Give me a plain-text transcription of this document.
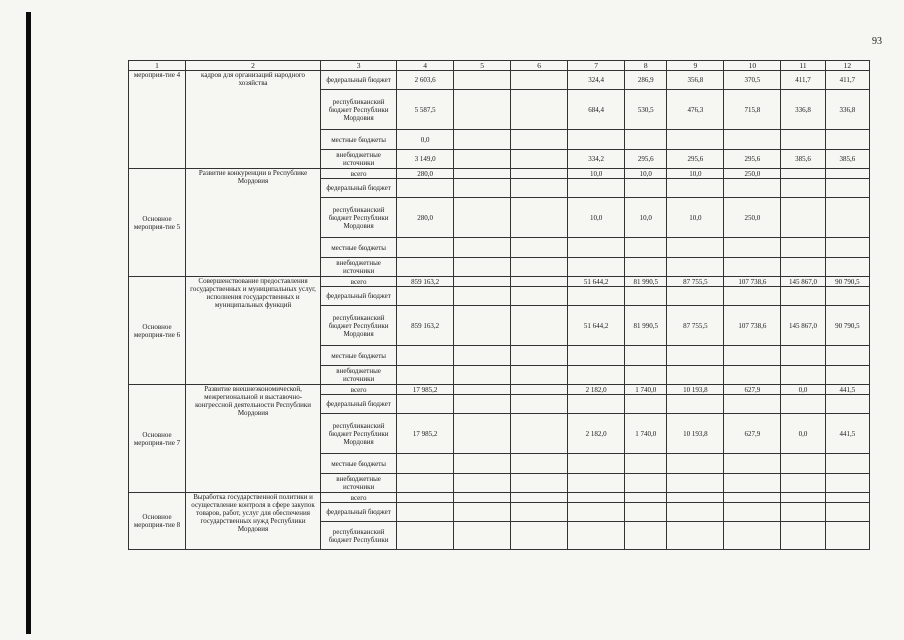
93
1	2	3	4	5	6	7	8	9	10	11	12
мероприя-тие 4	кадров для организаций народного хозяйства	федеральный бюджет	2 603,6			324,4	286,9	356,8	370,5	411,7	411,7
		республиканский бюджет Республики Мордовия	5 587,5			684,4	530,5	476,3	715,8	336,8	336,8
		местные бюджеты	0,0								
		внебюджетные источники	3 149,0			334,2	295,6	295,6	295,6	385,6	385,6
Основное мероприя-тие 5	Развитие конкуренции в Республике Мордовия	всего	280,0			10,0	10,0	10,0	250,0		
		федеральный бюджет									
		республиканский бюджет Республики Мордовия	280,0			10,0	10,0	10,0	250,0		
		местные бюджеты									
		внебюджетные источники									
Основное мероприя-тие 6	Совершенствование предоставления государственных и муниципальных услуг, исполнения государственных и муниципальных функций	всего	859 163,2			51 644,2	81 990,5	87 755,5	107 738,6	145 867,0	90 790,5
		федеральный бюджет									
		республиканский бюджет Республики Мордовия	859 163,2			51 644,2	81 990,5	87 755,5	107 738,6	145 867,0	90 790,5
		местные бюджеты									
		внебюджетные источники									
Основное мероприя-тие 7	Развитие внешнеэкономической, межрегиональной и выставочно-конгрессной деятельности Республики Мордовия	всего	17 985,2			2 182,0	1 740,0	10 193,8	627,9	0,0	441,5
		федеральный бюджет									
		республиканский бюджет Республики Мордовия	17 985,2			2 182,0	1 740,0	10 193,8	627,9	0,0	441,5
		местные бюджеты									
		внебюджетные источники									
Основное мероприя-тие 8	Выработка государственной политики и осуществление контроля в сфере закупок товаров, работ, услуг для обеспечения государственных нужд Республики Мордовия	всего									
		федеральный бюджет									
		республиканский бюджет Республики									
